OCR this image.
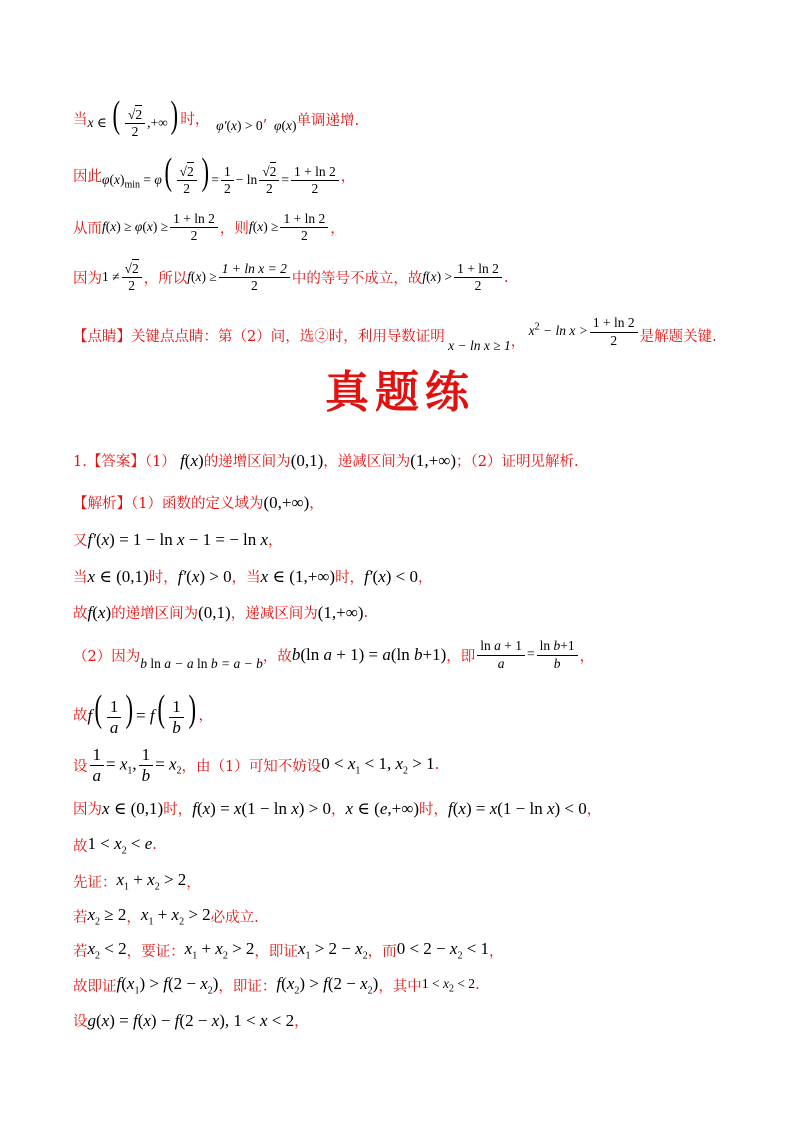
当 x ∈ ( $\frac{√2}{2}$ ,+∞) 时， φ′(x) > 0 ’ φ(x) 单调递增.
因此 $\varphi(x)_{min} = \varphi( \frac{√2}{2}$ ) = $\frac{1}{2} - \ln \frac{√2}{2} = \frac{1 + \ln 2}{2}$ ，
从而 $f(x) \ge \varphi(x) \ge \frac{1 + \ln 2}{2}$ ，则 $f(x) \ge \frac{1 + \ln 2}{2}$ ，
因为 $1 \ne \frac{√2}{2}$ ，所以 $f(x) \ge \frac{\text{1 + ln x = 2}}{2}$ 中的等号不成立，故 $f(x) > \frac{1 + \ln 2}{2}$ .
【点睛】关键点点睛：第（2）问，选②时，利用导数证明
x − ln x ≥ 1 ，
$x^2 - \ln x > \frac{1 + \ln 2}{2}$ 是解题关键.
真题练
1.【答案】（1） f(x) 的递增区间为 (0,1) ，递减区间为 (1,+∞) ；（2）证明见解析.
【解析】（1）函数的定义域为 (0,+∞) ，
又 f′(x) = 1 − ln x − 1 = − ln x ，
当 x ∈ (0,1) 时， f′(x) > 0 ，当 x ∈ (1,+∞) 时， f′(x) < 0 ，
故 f(x) 的递增区间为 (0,1) ，递减区间为 (1,+∞) .
（2）因为 b ln a − a ln b = a − b ，故 b(ln a + 1) = a(ln b+1) ，即 $\frac{\text{ln a + 1}}{a} = \frac{\text{ln b+1}}{b}$ ，
故 $f( \frac{1}{a}$ ) = $f( \frac{1}{b}$ ) ，
设 $\frac{1}{a} = x_1$, $\frac{1}{b} = x_2$ ，由（1）可知不妨设 $0 < x_1 < 1$, $x_2 > 1$ .
因为 x ∈ (0,1) 时， f(x) = x(1 − ln x) > 0 ， x ∈ (e,+∞) 时， f(x) = x(1 − ln x) < 0 ，
故 $1 < x_2 < e$ .
先证： $x_1 + x_2 > 2$ ，
若 $x_2 \ge 2$ ， $x_1 + x_2 > 2$ 必成立.
若 $x_2 < 2$ ，要证： $x_1 + x_2 > 2$ ，即证 $x_1 > 2 - x_2$ ，而 $0 < 2 - x_2 < 1$ ，
故即证 $f(x_1) > f(2 - x_2)$ ，即证： $f(x_2) > f(2 - x_2)$ ，其中 $1 < x_2 < 2$ .
设 g(x) = f(x) − f(2 − x), 1 < x < 2 ，
